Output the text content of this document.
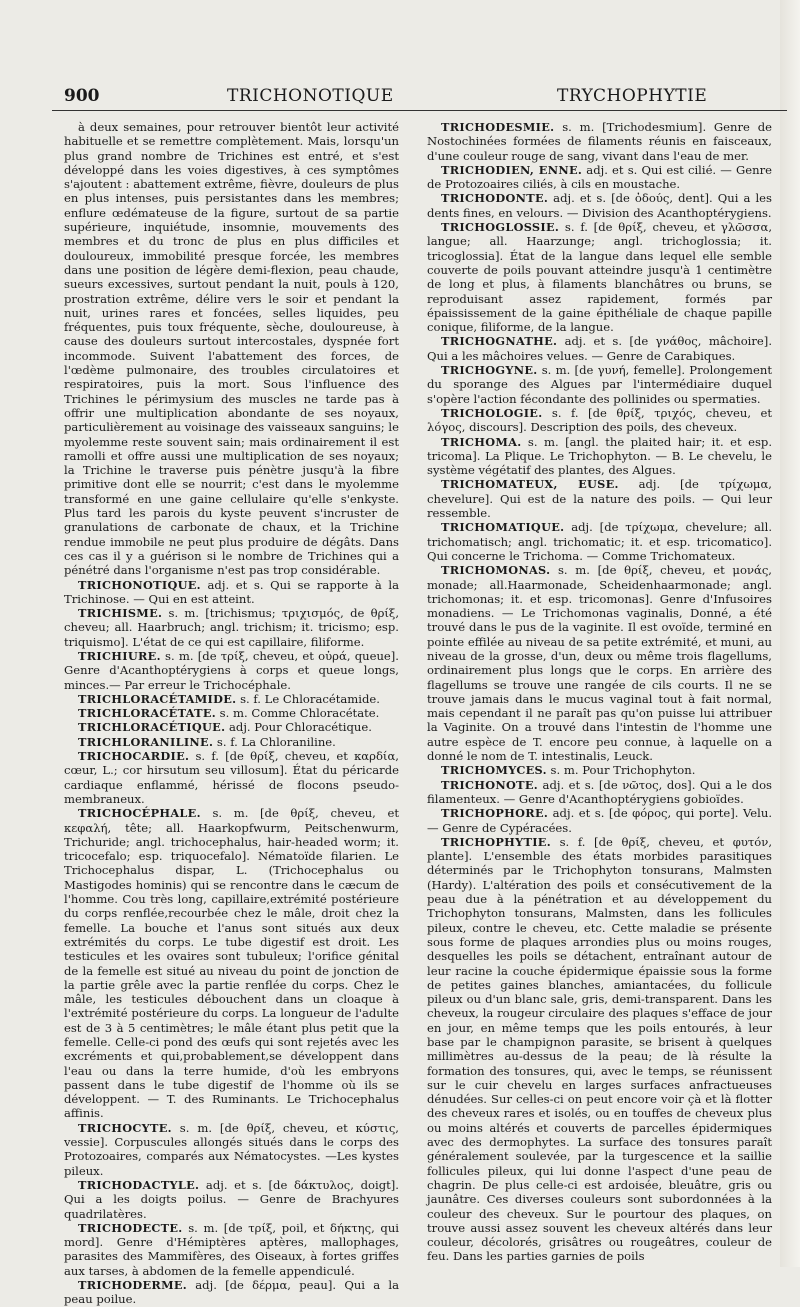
900	TRICHONOTIQUE	TRYCHOPHYTIE

à deux semaines, pour retrouver bientôt leur activité habituelle et se remettre complètement. Mais, lorsqu'un plus grand nombre de Trichines est entré, et s'est développé dans les voies digestives, à ces symptômes s'ajoutent : abattement extrême, fièvre, douleurs de plus en plus intenses, puis persistantes dans les membres; enflure œdémateuse de la figure, surtout de sa partie supérieure, inquiétude, insomnie, mouvements des membres et du tronc de plus en plus difficiles et douloureux, immobilité presque forcée, les membres dans une position de légère demi-flexion, peau chaude, sueurs excessives, surtout pendant la nuit, pouls à 120, prostration extrême, délire vers le soir et pendant la nuit, urines rares et foncées, selles liquides, peu fréquentes, puis toux fréquente, sèche, douloureuse, à cause des douleurs surtout intercostales, dyspnée fort incommode. Suivent l'abattement des forces, de l'œdème pulmonaire, des troubles circulatoires et respiratoires, puis la mort. Sous l'influence des Trichines le périmysium des muscles ne tarde pas à offrir une multiplication abondante de ses noyaux, particulièrement au voisinage des vaisseaux sanguins; le myolemme reste souvent sain; mais ordinairement il est ramolli et offre aussi une multiplication de ses noyaux; la Trichine le traverse puis pénètre jusqu'à la fibre primitive dont elle se nourrit; c'est dans le myolemme transformé en une gaine cellulaire qu'elle s'enkyste. Plus tard les parois du kyste peuvent s'incruster de granulations de carbonate de chaux, et la Trichine rendue immobile ne peut plus produire de dégâts. Dans ces cas il y a guérison si le nombre de Trichines qui a pénétré dans l'organisme n'est pas trop considérable.

TRICHONOTIQUE. adj. et s. Qui se rapporte à la Trichinose. — Qui en est atteint.

TRICHISME. s. m. [trichismus; τριχισμός, de θρίξ, cheveu; all. Haarbruch; angl. trichism; it. tricismo; esp. triquismo]. L'état de ce qui est capillaire, filiforme.

TRICHIURE. s. m. [de τρίξ, cheveu, et οὐρά, queue]. Genre d'Acanthoptérygiens à corps et queue longs, minces.— Par erreur le Trichocéphale.

TRICHLORACÉTAMIDE. s. f. Le Chloracétamide.

TRICHLORACÉTATE. s. m. Comme Chloracétate.

TRICHLORACÉTIQUE. adj. Pour Chloracétique.

TRICHLORANILINE. s. f. La Chloraniline.

TRICHOCARDIE. s. f. [de θρίξ, cheveu, et καρδία, cœur, L.; cor hirsutum seu villosum]. État du péricarde cardiaque enflammé, hérissé de flocons pseudo-membraneux.

TRICHOCÉPHALE. s. m. [de θρίξ, cheveu, et κεφαλή, tête; all. Haarkopfwurm, Peitschenwurm, Trichuride; angl. trichocephalus, hair-headed worm; it. tricocefalo; esp. triquocefalo]. Nématoïde filarien. Le Trichocephalus dispar, L. (Trichocephalus ou Mastigodes hominis) qui se rencontre dans le cæcum de l'homme. Cou très long, capillaire,extrémité postérieure du corps renflée,recourbée chez le mâle, droit chez la femelle. La bouche et l'anus sont situés aux deux extrémités du corps. Le tube digestif est droit. Les testicules et les ovaires sont tubuleux; l'orifice génital de la femelle est situé au niveau du point de jonction de la partie grêle avec la partie renflée du corps. Chez le mâle, les testicules débouchent dans un cloaque à l'extrémité postérieure du corps. La longueur de l'adulte est de 3 à 5 centimètres; le mâle étant plus petit que la femelle. Celle-ci pond des œufs qui sont rejetés avec les excréments et qui,probablement,se développent dans l'eau ou dans la terre humide, d'où les embryons passent dans le tube digestif de l'homme où ils se développent. — T. des Ruminants. Le Trichocephalus affinis.

TRICHOCYTE. s. m. [de θρίξ, cheveu, et κύστις, vessie]. Corpuscules allongés situés dans le corps des Protozoaires, comparés aux Nématocystes. —Les kystes pileux.

TRICHODACTYLE. adj. et s. [de δάκτυλος, doigt]. Qui a les doigts poilus. — Genre de Brachyures quadrilatères.

TRICHODECTE. s. m. [de τρίξ, poil, et δήκτης, qui mord]. Genre d'Hémiptères aptères, mallophages, parasites des Mammifères, des Oiseaux, à fortes griffes aux tarses, à abdomen de la femelle appendiculé.

TRICHODERME. adj. [de δέρμα, peau]. Qui a la peau poilue.

TRICHODESMIE. s. m. [Trichodesmium]. Genre de Nostochinées formées de filaments réunis en faisceaux, d'une couleur rouge de sang, vivant dans l'eau de mer.

TRICHODIEN, ENNE. adj. et s. Qui est cilié. — Genre de Protozoaires ciliés, à cils en moustache.

TRICHODONTE. adj. et s. [de ὀδούς, dent]. Qui a les dents fines, en velours. — Division des Acanthoptérygiens.

TRICHOGLOSSIE. s. f. [de θρίξ, cheveu, et γλῶσσα, langue; all. Haarzunge; angl. trichoglossia; it. tricoglossia]. État de la langue dans lequel elle semble couverte de poils pouvant atteindre jusqu'à 1 centimètre de long et plus, à filaments blanchâtres ou bruns, se reproduisant assez rapidement, formés par épaississement de la gaine épithéliale de chaque papille conique, filiforme, de la langue.

TRICHOGNATHE. adj. et s. [de γνάθος, mâchoire]. Qui a les mâchoires velues. — Genre de Carabiques.

TRICHOGYNE. s. m. [de γυνή, femelle]. Prolongement du sporange des Algues par l'intermédiaire duquel s'opère l'action fécondante des pollinides ou spermaties.

TRICHOLOGIE. s. f. [de θρίξ, τριχός, cheveu, et λόγος, discours]. Description des poils, des cheveux.

TRICHOMA. s. m. [angl. the plaited hair; it. et esp. tricoma]. La Plique. Le Trichophyton. — B. Le chevelu, le système végétatif des plantes, des Algues.

TRICHOMATEUX, EUSE. adj. [de τρίχωμα, chevelure]. Qui est de la nature des poils. — Qui leur ressemble.

TRICHOMATIQUE. adj. [de τρίχωμα, chevelure; all. trichomatisch; angl. trichomatic; it. et esp. tricomatico]. Qui concerne le Trichoma. — Comme Trichomateux.

TRICHOMONAS. s. m. [de θρίξ, cheveu, et μονάς, monade; all.Haarmonade, Scheidenhaarmonade; angl. trichomonas; it. et esp. tricomonas]. Genre d'Infusoires monadiens. — Le Trichomonas vaginalis, Donné, a été trouvé dans le pus de la vaginite. Il est ovoïde, terminé en pointe effilée au niveau de sa petite extrémité, et muni, au niveau de la grosse, d'un, deux ou même trois flagellums, ordinairement plus longs que le corps. En arrière des flagellums se trouve une rangée de cils courts. Il ne se trouve jamais dans le mucus vaginal tout à fait normal, mais cependant il ne paraît pas qu'on puisse lui attribuer la Vaginite. On a trouvé dans l'intestin de l'homme une autre espèce de T. encore peu connue, à laquelle on a donné le nom de T. intestinalis, Leuck.

TRICHOMYCES. s. m. Pour Trichophyton.

TRICHONOTE. adj. et s. [de νῶτος, dos]. Qui a le dos filamenteux. — Genre d'Acanthoptérygiens gobioïdes.

TRICHOPHORE. adj. et s. [de φόρος, qui porte]. Velu. — Genre de Cypéracées.

TRICHOPHYTIE. s. f. [de θρίξ, cheveu, et φυτόν, plante]. L'ensemble des états morbides parasitiques déterminés par le Trichophyton tonsurans, Malmsten (Hardy). L'altération des poils et consécutivement de la peau due à la pénétration et au développement du Trichophyton tonsurans, Malmsten, dans les follicules pileux, contre le cheveu, etc. Cette maladie se présente sous forme de plaques arrondies plus ou moins rouges, desquelles les poils se détachent, entraînant autour de leur racine la couche épidermique épaissie sous la forme de petites gaines blanches, amiantacées, du follicule pileux ou d'un blanc sale, gris, demi-transparent. Dans les cheveux, la rougeur circulaire des plaques s'efface de jour en jour, en même temps que les poils entourés, à leur base par le champignon parasite, se brisent à quelques millimètres au-dessus de la peau; de là résulte la formation des tonsures, qui, avec le temps, se réunissent sur le cuir chevelu en larges surfaces anfractueuses dénudées. Sur celles-ci on peut encore voir çà et là flotter des cheveux rares et isolés, ou en touffes de cheveux plus ou moins altérés et couverts de parcelles épidermiques avec des dermophytes. La surface des tonsures paraît généralement soulevée, par la turgescence et la saillie follicules pileux, qui lui donne l'aspect d'une peau de chagrin. De plus celle-ci est ardoisée, bleuâtre, gris ou jaunâtre. Ces diverses couleurs sont subordonnées à la couleur des cheveux. Sur le pourtour des plaques, on trouve aussi assez souvent les cheveux altérés dans leur couleur, décolorés, grisâtres ou rougeâtres, couleur de feu. Dans les parties garnies de poils
